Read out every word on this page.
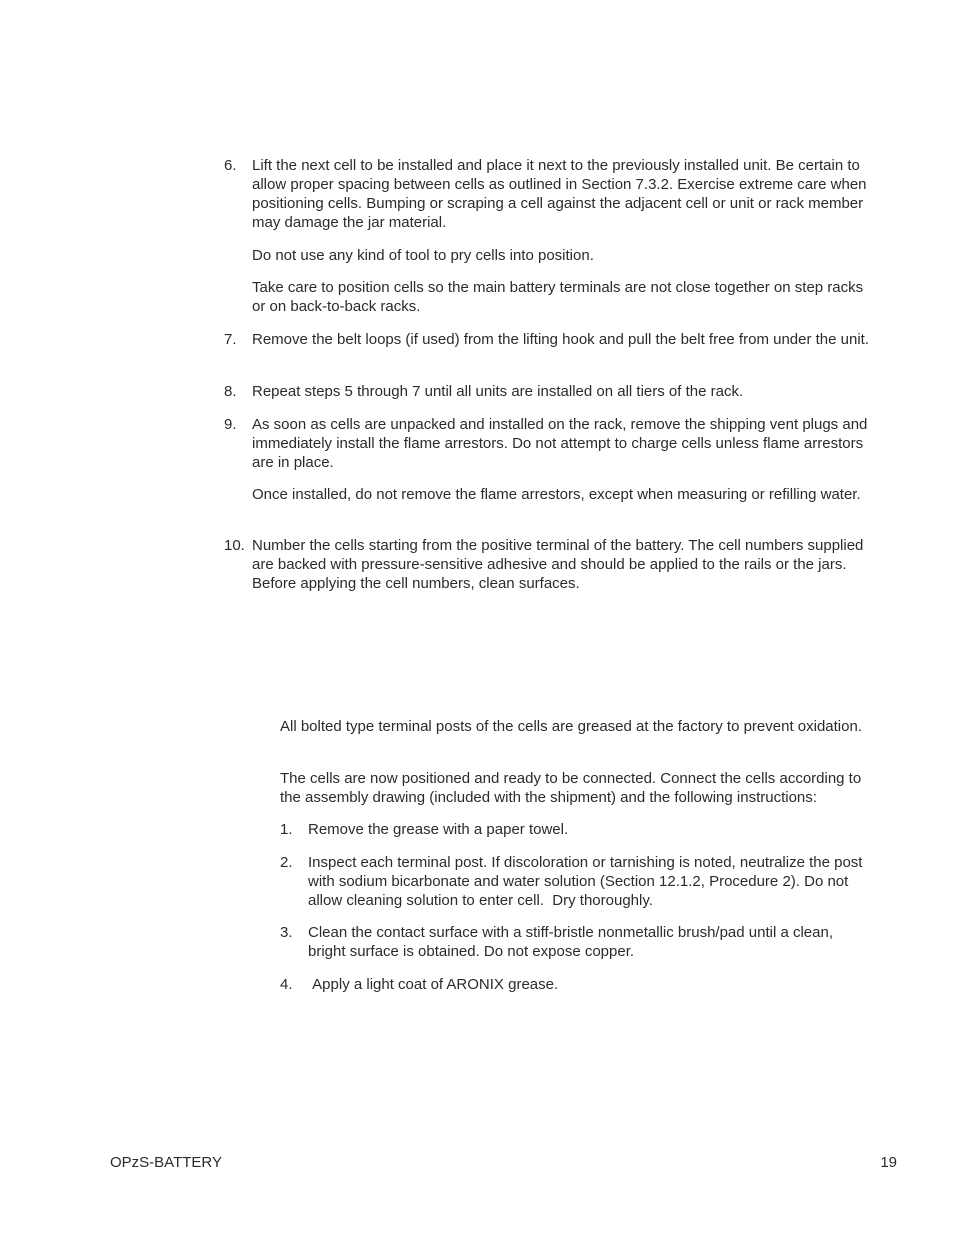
6. Lift the next cell to be installed and place it next to the previously installed unit. Be certain to allow proper spacing between cells as outlined in Section 7.3.2. Exercise extreme care when positioning cells. Bumping or scraping a cell against the adjacent cell or unit or rack member may damage the jar material.

Do not use any kind of tool to pry cells into position.

Take care to position cells so the main battery terminals are not close together on step racks or on back-to-back racks.

7. Remove the belt loops (if used) from the lifting hook and pull the belt free from under the unit.

8. Repeat steps 5 through 7 until all units are installed on all tiers of the rack.

9. As soon as cells are unpacked and installed on the rack, remove the shipping vent plugs and immediately install the flame arrestors. Do not attempt to charge cells unless flame arrestors are in place.

Once installed, do not remove the flame arrestors, except when measuring or refilling water.

10. Number the cells starting from the positive terminal of the battery. The cell numbers supplied are backed with pressure-sensitive adhesive and should be applied to the rails or the jars. Before applying the cell numbers, clean surfaces.

All bolted type terminal posts of the cells are greased at the factory to prevent oxidation.

The cells are now positioned and ready to be connected. Connect the cells according to the assembly drawing (included with the shipment) and the following instructions:

1. Remove the grease with a paper towel.

2. Inspect each terminal post. If discoloration or tarnishing is noted, neutralize the post with sodium bicarbonate and water solution (Section 12.1.2, Procedure 2). Do not allow cleaning solution to enter cell.  Dry thoroughly.

3. Clean the contact surface with a stiff-bristle nonmetallic brush/pad until a clean, bright surface is obtained. Do not expose copper.

4. Apply a light coat of ARONIX grease.

OPzS-BATTERY	19
